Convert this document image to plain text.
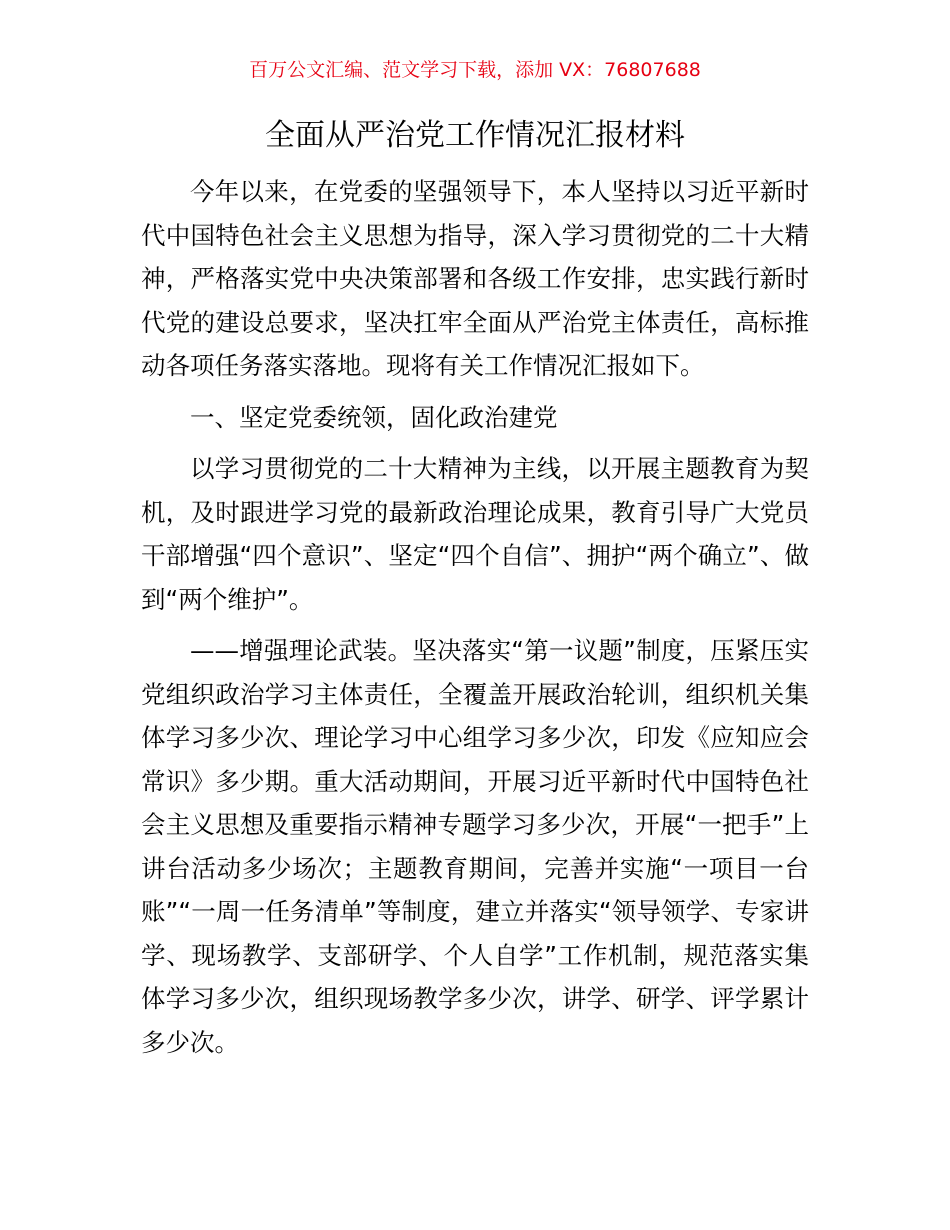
百万公文汇编、范文学习下载，添加 VX：76807688
全面从严治党工作情况汇报材料

今年以来，在党委的坚强领导下，本人坚持以习近平新时代中国特色社会主义思想为指导，深入学习贯彻党的二十大精神，严格落实党中央决策部署和各级工作安排，忠实践行新时代党的建设总要求，坚决扛牢全面从严治党主体责任，高标推动各项任务落实落地。现将有关工作情况汇报如下。

一、坚定党委统领，固化政治建党

以学习贯彻党的二十大精神为主线，以开展主题教育为契机，及时跟进学习党的最新政治理论成果，教育引导广大党员干部增强“四个意识”、坚定“四个自信”、拥护“两个确立”、做到“两个维护”。

——增强理论武装。坚决落实“第一议题”制度，压紧压实党组织政治学习主体责任，全覆盖开展政治轮训，组织机关集体学习多少次、理论学习中心组学习多少次，印发《应知应会常识》多少期。重大活动期间，开展习近平新时代中国特色社会主义思想及重要指示精神专题学习多少次，开展“一把手”上讲台活动多少场次；主题教育期间，完善并实施“一项目一台账”“一周一任务清单”等制度，建立并落实“领导领学、专家讲学、现场教学、支部研学、个人自学”工作机制，规范落实集体学习多少次，组织现场教学多少次，讲学、研学、评学累计多少次。
